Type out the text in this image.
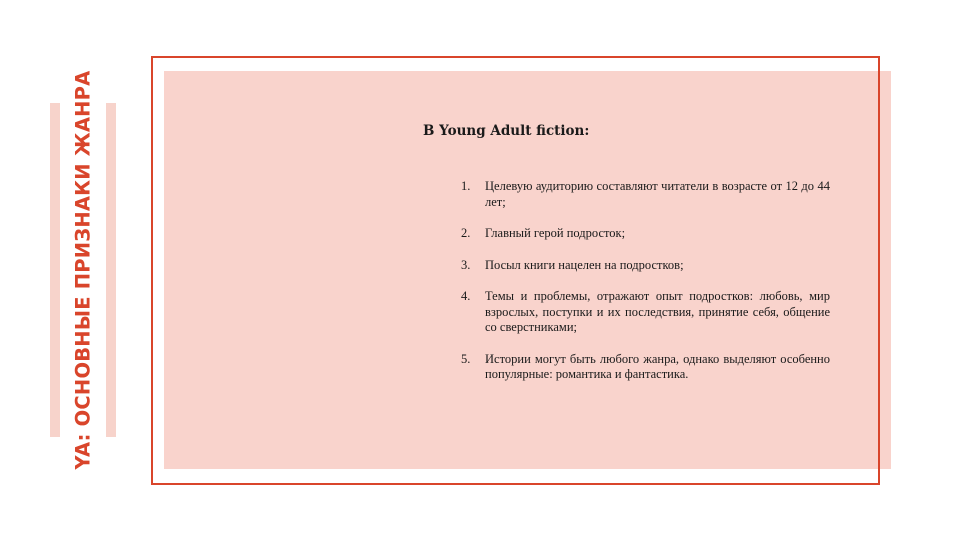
YA: ОСНОВНЫЕ ПРИЗНАКИ ЖАНРА	В Young Adult fiction:
1.	Целевую аудиторию составляют читатели в возрасте от 12 до 44 лет;
2.	Главный герой подросток;
3.	Посыл книги нацелен на подростков;
4.	Темы и проблемы, отражают опыт подростков: любовь, мир взрослых, поступки и их последствия, принятие себя, общение со сверстниками;
5.	Истории могут быть любого жанра, однако выделяют особенно популярные: романтика и фантастика.
